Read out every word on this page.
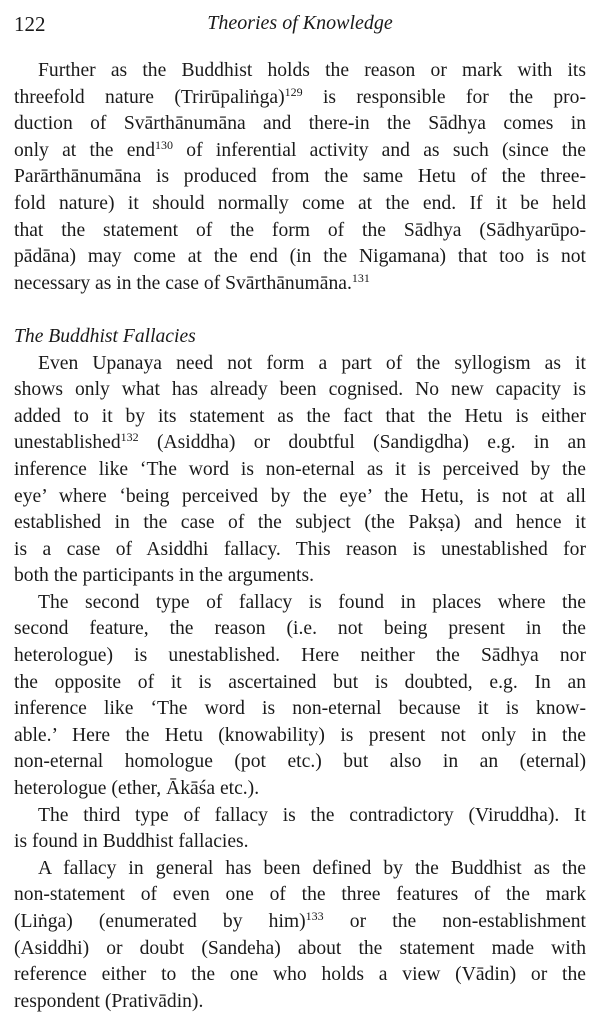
122	Theories of Knowledge
Further as the Buddhist holds the reason or mark with its
threefold nature (Trirūpaliṅga)$^{129}$ is responsible for the pro-
duction of Svārthānumāna and there-in the Sādhya comes in
only at the end$^{130}$ of inferential activity and as such (since the
Parārthānumāna is produced from the same Hetu of the three-
fold nature) it should normally come at the end. If it be held
that the statement of the form of the Sādhya (Sādhyarūpo-
pādāna) may come at the end (in the Nigamana) that too is not
necessary as in the case of Svārthānumāna.$^{131}$
The Buddhist Fallacies
Even Upanaya need not form a part of the syllogism as it
shows only what has already been cognised. No new capacity is
added to it by its statement as the fact that the Hetu is either
unestablished$^{132}$ (Asiddha) or doubtful (Sandigdha) e.g. in an
inference like ‘The word is non-eternal as it is perceived by the
eye’ where ‘being perceived by the eye’ the Hetu, is not at all
established in the case of the subject (the Pakṣa) and hence it
is a case of Asiddhi fallacy. This reason is unestablished for
both the participants in the arguments.
The second type of fallacy is found in places where the
second feature, the reason (i.e. not being present in the
heterologue) is unestablished. Here neither the Sādhya nor
the opposite of it is ascertained but is doubted, e.g. In an
inference like ‘The word is non-eternal because it is know-
able.’ Here the Hetu (knowability) is present not only in the
non-eternal homologue (pot etc.) but also in an (eternal)
heterologue (ether, Ākāśa etc.).
The third type of fallacy is the contradictory (Viruddha). It
is found in Buddhist fallacies.
A fallacy in general has been defined by the Buddhist as the
non-statement of even one of the three features of the mark
(Liṅga) (enumerated by him)$^{133}$ or the non-establishment
(Asiddhi) or doubt (Sandeha) about the statement made with
reference either to the one who holds a view (Vādin) or the
respondent (Prativādin).
